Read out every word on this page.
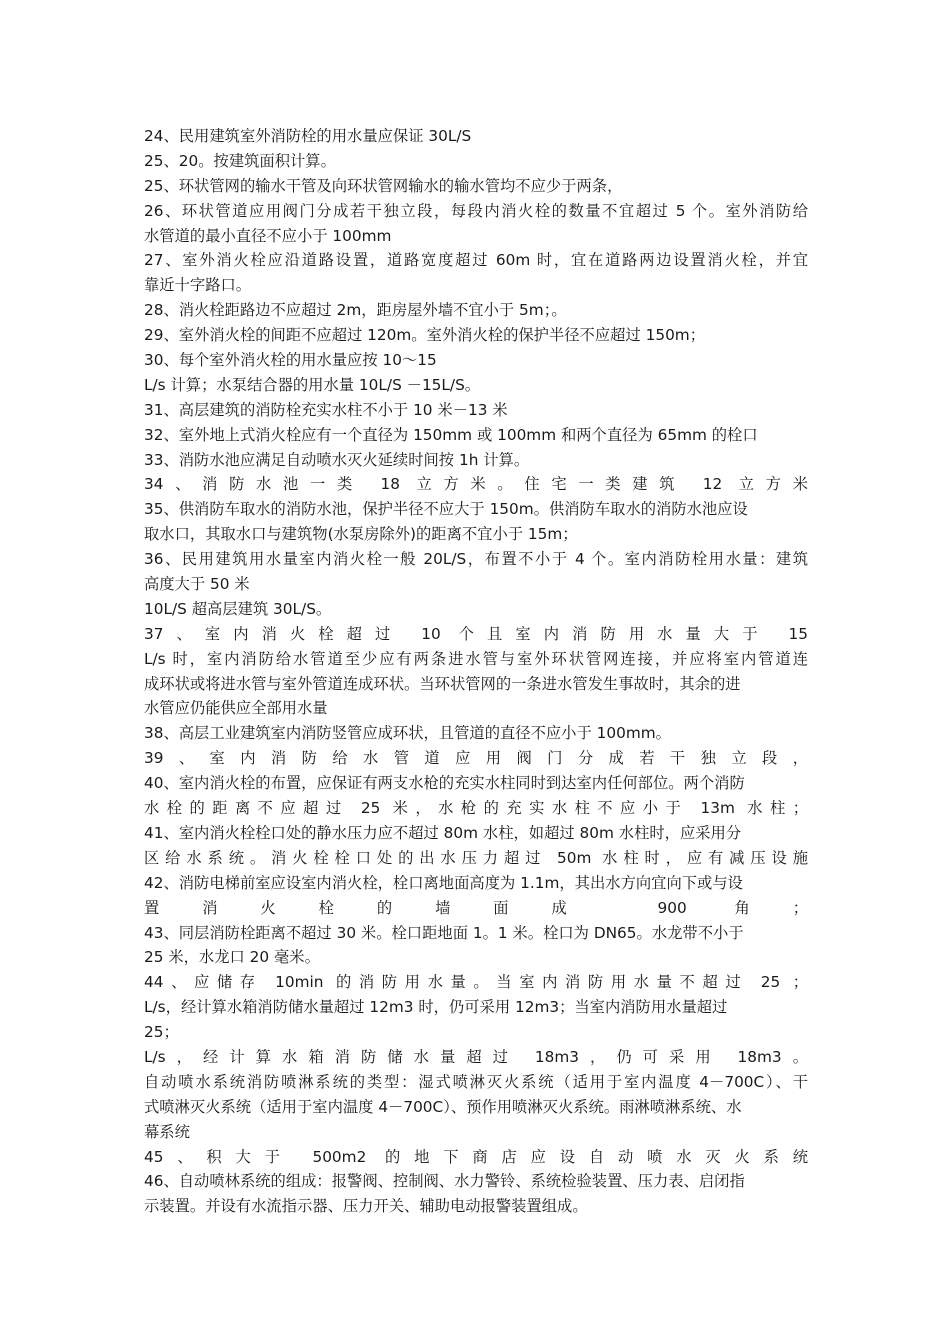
24、民用建筑室外消防栓的用水量应保证 30L/S
25、20。按建筑面积计算。
25、环状管网的输水干管及向环状管网输水的输水管均不应少于两条，
26、环状管道应用阀门分成若干独立段，每段内消火栓的数量不宜超过 5 个。室外消防给
水管道的最小直径不应小于 100mm
27、室外消火栓应沿道路设置，道路宽度超过 60m 时，宜在道路两边设置消火栓，并宜
靠近十字路口。
28、消火栓距路边不应超过 2m，距房屋外墙不宜小于 5m；。
29、室外消火栓的间距不应超过 120m。室外消火栓的保护半径不应超过 150m；
30、每个室外消火栓的用水量应按 10～15
L/s 计算；水泵结合器的用水量 10L/S －15L/S。
31、高层建筑的消防栓充实水柱不小于 10 米－13 米
32、室外地上式消火栓应有一个直径为 150mm 或 100mm 和两个直径为 65mm 的栓口
33、消防水池应满足自动喷水灭火延续时间按 1h 计算。
34、消防水池一类 18 立方米。住宅一类建筑 12 立方米
35、供消防车取水的消防水池，保护半径不应大于 150m。供消防车取水的消防水池应设
取水口，其取水口与建筑物(水泵房除外)的距离不宜小于 15m；
36、民用建筑用水量室内消火栓一般 20L/S，布置不小于 4 个。室内消防栓用水量：建筑
高度大于 50 米
10L/S 超高层建筑 30L/S。
37、室内消火栓超过 10 个且室内消防用水量大于 15
L/s 时，室内消防给水管道至少应有两条进水管与室外环状管网连接，并应将室内管道连
成环状或将进水管与室外管道连成环状。当环状管网的一条进水管发生事故时，其余的进
水管应仍能供应全部用水量
38、高层工业建筑室内消防竖管应成环状，且管道的直径不应小于 100mm。
39、室内消防给水管道应用阀门分成若干独立段，
40、室内消火栓的布置，应保证有两支水枪的充实水柱同时到达室内任何部位。两个消防
水栓的距离不应超过 25 米，水枪的充实水柱不应小于 13m 水柱；
41、室内消火栓栓口处的静水压力应不超过 80m 水柱，如超过 80m 水柱时，应采用分
区给水系统。消火栓栓口处的出水压力超过 50m 水柱时，应有减压设施
42、消防电梯前室应设室内消火栓，栓口离地面高度为 1.1m，其出水方向宜向下或与设
置消火栓的墙面成 900 角；
43、同层消防栓距离不超过 30 米。栓口距地面 1。1 米。栓口为 DN65。水龙带不小于
25 米，水龙口 20 毫米。
44、应储存 10min 的消防用水量。当室内消防用水量不超过 25 ；
L/s，经计算水箱消防储水量超过 12m3 时，仍可采用 12m3；当室内消防用水量超过
25；
L/s，经计算水箱消防储水量超过 18m3，仍可采用 18m3。
自动喷水系统消防喷淋系统的类型：湿式喷淋灭火系统（适用于室内温度 4－700C）、干
式喷淋灭火系统（适用于室内温度 4－700C）、预作用喷淋灭火系统。雨淋喷淋系统、水
幕系统
45、积大于 500m2 的地下商店应设自动喷水灭火系统
46、自动喷林系统的组成：报警阀、控制阀、水力警铃、系统检验装置、压力表、启闭指
示装置。并设有水流指示器、压力开关、辅助电动报警装置组成。
